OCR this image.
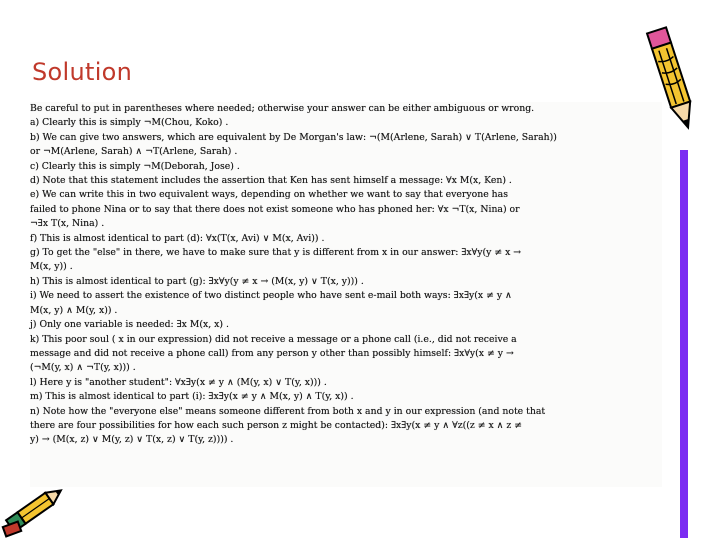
Solution

Be careful to put in parentheses where needed; otherwise your answer can be either ambiguous or wrong.

a) Clearly this is simply ¬M(Chou, Koko) .

b) We can give two answers, which are equivalent by De Morgan's law: ¬(M(Arlene, Sarah) ∨ T(Arlene, Sarah))

or ¬M(Arlene, Sarah) ∧ ¬T(Arlene, Sarah) .

c) Clearly this is simply ¬M(Deborah, Jose) .

d) Note that this statement includes the assertion that Ken has sent himself a message: ∀x M(x, Ken) .

e) We can write this in two equivalent ways, depending on whether we want to say that everyone has

failed to phone Nina or to say that there does not exist someone who has phoned her: ∀x ¬T(x, Nina) or

¬∃x T(x, Nina) .

f) This is almost identical to part (d): ∀x(T(x, Avi) ∨ M(x, Avi)) .

g) To get the "else" in there, we have to make sure that y is different from x in our answer: ∃x∀y(y ≠ x →

M(x, y)) .

h) This is almost identical to part (g): ∃x∀y(y ≠ x → (M(x, y) ∨ T(x, y))) .

i) We need to assert the existence of two distinct people who have sent e-mail both ways: ∃x∃y(x ≠ y ∧

M(x, y) ∧ M(y, x)) .

j) Only one variable is needed: ∃x M(x, x) .

k) This poor soul ( x in our expression) did not receive a message or a phone call (i.e., did not receive a

message and did not receive a phone call) from any person y other than possibly himself: ∃x∀y(x ≠ y →

(¬M(y, x) ∧ ¬T(y, x))) .

l) Here y is "another student": ∀x∃y(x ≠ y ∧ (M(y, x) ∨ T(y, x))) .

m) This is almost identical to part (i): ∃x∃y(x ≠ y ∧ M(x, y) ∧ T(y, x)) .

n) Note how the "everyone else" means someone different from both x and y in our expression (and note that

there are four possibilities for how each such person z might be contacted): ∃x∃y(x ≠ y ∧ ∀z((z ≠ x ∧ z ≠

y) → (M(x, z) ∨ M(y, z) ∨ T(x, z) ∨ T(y, z)))) .
